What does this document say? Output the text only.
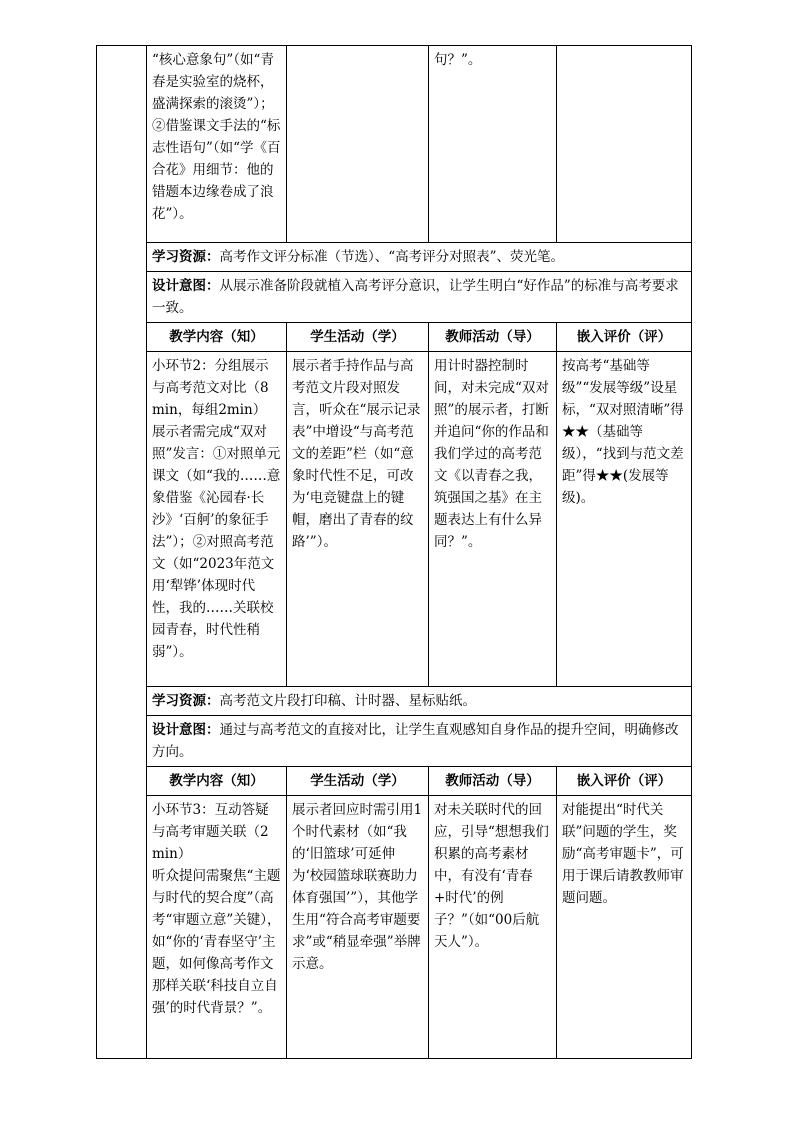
	“核心意象句”（如“青春是实验室的烧杯，盛满探索的滚烫”）；②借鉴课文手法的“标志性语句”（如“学《百合花》用细节：他的错题本边缘卷成了浪花”）。		句？”。	
	学习资源：高考作文评分标准（节选）、“高考评分对照表”、荧光笔。			
	设计意图：从展示准备阶段就植入高考评分意识，让学生明白“好作品”的标准与高考要求一致。			
	教学内容（知）	学生活动（学）	教师活动（导）	嵌入评价（评）
	小环节2：分组展示与高考范文对比（8min，每组2min）
展示者需完成“双对照”发言：①对照单元课文（如“我的……意象借鉴《沁园春·长沙》‘百舸’的象征手法”）；②对照高考范文（如“2023年范文用‘犁铧’体现时代性，我的……关联校园青春，时代性稍弱”）。	展示者手持作品与高考范文片段对照发言，听众在“展示记录表”中增设“与高考范文的差距”栏（如“意象时代性不足，可改为‘电竞键盘上的键帽，磨出了青春的纹路’”）。	用计时器控制时间，对未完成“双对照”的展示者，打断并追问“你的作品和我们学过的高考范文《以青春之我，筑强国之基》在主题表达上有什么异同？”。	按高考“基础等级”“发展等级”设星标，“双对照清晰”得★★（基础等级），“找到与范文差距”得★★(发展等级)。
	学习资源：高考范文片段打印稿、计时器、星标贴纸。			
	设计意图：通过与高考范文的直接对比，让学生直观感知自身作品的提升空间，明确修改方向。			
	教学内容（知）	学生活动（学）	教师活动（导）	嵌入评价（评）
	小环节3：互动答疑与高考审题关联（2min）
听众提问需聚焦“主题与时代的契合度”（高考“审题立意”关键），如“你的‘青春坚守’主题，如何像高考作文那样关联‘科技自立自强’的时代背景？”。	展示者回应时需引用1个时代素材（如“我的‘旧篮球’可延伸为‘校园篮球联赛助力体育强国’”），其他学生用“符合高考审题要求”或“稍显牵强”举牌示意。	对未关联时代的回应，引导“想想我们积累的高考素材中，有没有‘青春+时代’的例子？”（如“00后航天人”）。	对能提出“时代关联”问题的学生，奖励“高考审题卡”，可用于课后请教教师审题问题。
